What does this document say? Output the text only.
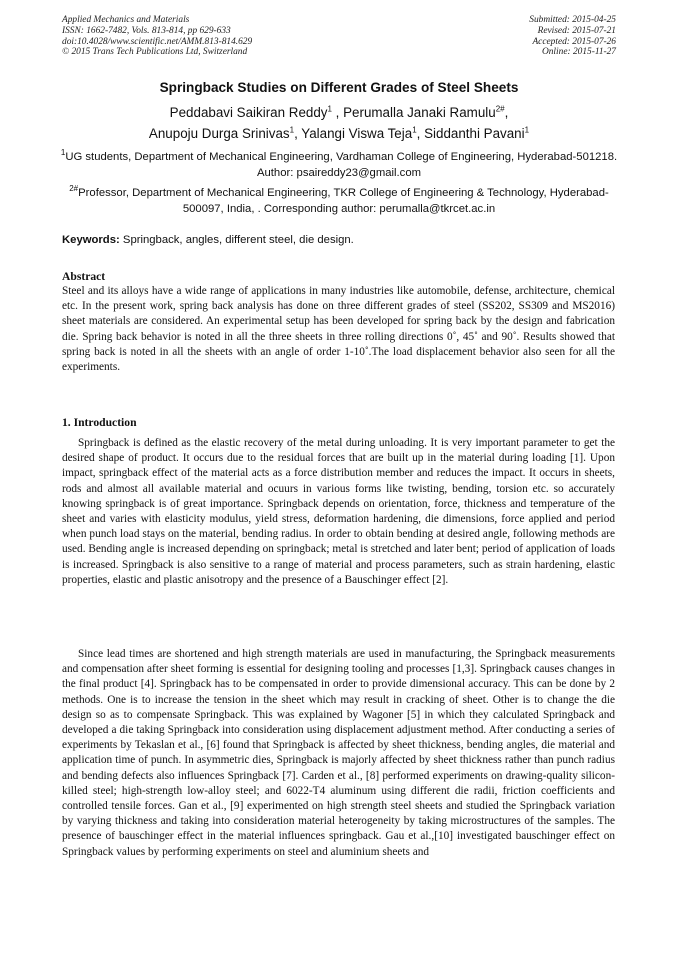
Applied Mechanics and Materials
ISSN: 1662-7482, Vols. 813-814, pp 629-633
doi:10.4028/www.scientific.net/AMM.813-814.629
© 2015 Trans Tech Publications Ltd, Switzerland
Submitted: 2015-04-25
Revised: 2015-07-21
Accepted: 2015-07-26
Online: 2015-11-27
Springback Studies on Different Grades of Steel Sheets
Peddabavi Saikiran Reddy$^1$ , Perumalla Janaki Ramulu$^{2\#}$,
Anupoju Durga Srinivas$^1$, Yalangi Viswa Teja$^1$, Siddanthi Pavani$^1$
$^1$UG students, Department of Mechanical Engineering, Vardhaman College of Engineering, Hyderabad-501218. Author: psaireddy23@gmail.com
$^{2\#}$Professor, Department of Mechanical Engineering, TKR College of Engineering & Technology, Hyderabad-500097, India, . Corresponding author: perumalla@tkrcet.ac.in
Keywords: Springback, angles, different steel, die design.
Abstract
Steel and its alloys have a wide range of applications in many industries like automobile, defense, architecture, chemical etc. In the present work, spring back analysis has done on three different grades of steel (SS202, SS309 and MS2016) sheet materials are considered. An experimental setup has been developed for spring back by the design and fabrication die. Spring back behavior is noted in all the three sheets in three rolling directions 0˚, 45˚ and 90˚. Results showed that spring back is noted in all the sheets with an angle of order 1-10˚.The load displacement behavior also seen for all the experiments.
1. Introduction
Springback is defined as the elastic recovery of the metal during unloading. It is very important parameter to get the desired shape of product. It occurs due to the residual forces that are built up in the material during loading [1]. Upon impact, springback effect of the material acts as a force distribution member and reduces the impact. It occurs in sheets, rods and almost all available material and ocuurs in various forms like twisting, bending, torsion etc. so accurately knowing springback is of great importance. Springback depends on orientation, force, thickness and temperature of the sheet and varies with elasticity modulus, yield stress, deformation hardening, die dimensions, force applied and period when punch load stays on the material, bending radius. In order to obtain bending at desired angle, following methods are used. Bending angle is increased depending on springback; metal is stretched and later bent; period of application of loads is increased. Springback is also sensitive to a range of material and process parameters, such as strain hardening, elastic properties, elastic and plastic anisotropy and the presence of a Bauschinger effect [2].
Since lead times are shortened and high strength materials are used in manufacturing, the Springback measurements and compensation after sheet forming is essential for designing tooling and processes [1,3]. Springback causes changes in the final product [4]. Springback has to be compensated in order to provide dimensional accuracy. This can be done by 2 methods. One is to increase the tension in the sheet which may result in cracking of sheet. Other is to change the die design so as to compensate Springback. This was explained by Wagoner [5] in which they calculated Springback and developed a die taking Springback into consideration using displacement adjustment method. After conducting a series of experiments by Tekaslan et al., [6] found that Springback is affected by sheet thickness, bending angles, die material and application time of punch. In asymmetric dies, Springback is majorly affected by sheet thickness rather than punch radius and bending defects also influences Springback [7]. Carden et al., [8] performed experiments on drawing-quality silicon-killed steel; high-strength low-alloy steel; and 6022-T4 aluminum using different die radii, friction coefficients and controlled tensile forces. Gan et al., [9] experimented on high strength steel sheets and studied the Springback variation by varying thickness and taking into consideration material heterogeneity by taking microstructures of the samples. The presence of bauschinger effect in the material influences springback. Gau et al.,[10] investigated bauschinger effect on Springback values by performing experiments on steel and aluminium sheets and
